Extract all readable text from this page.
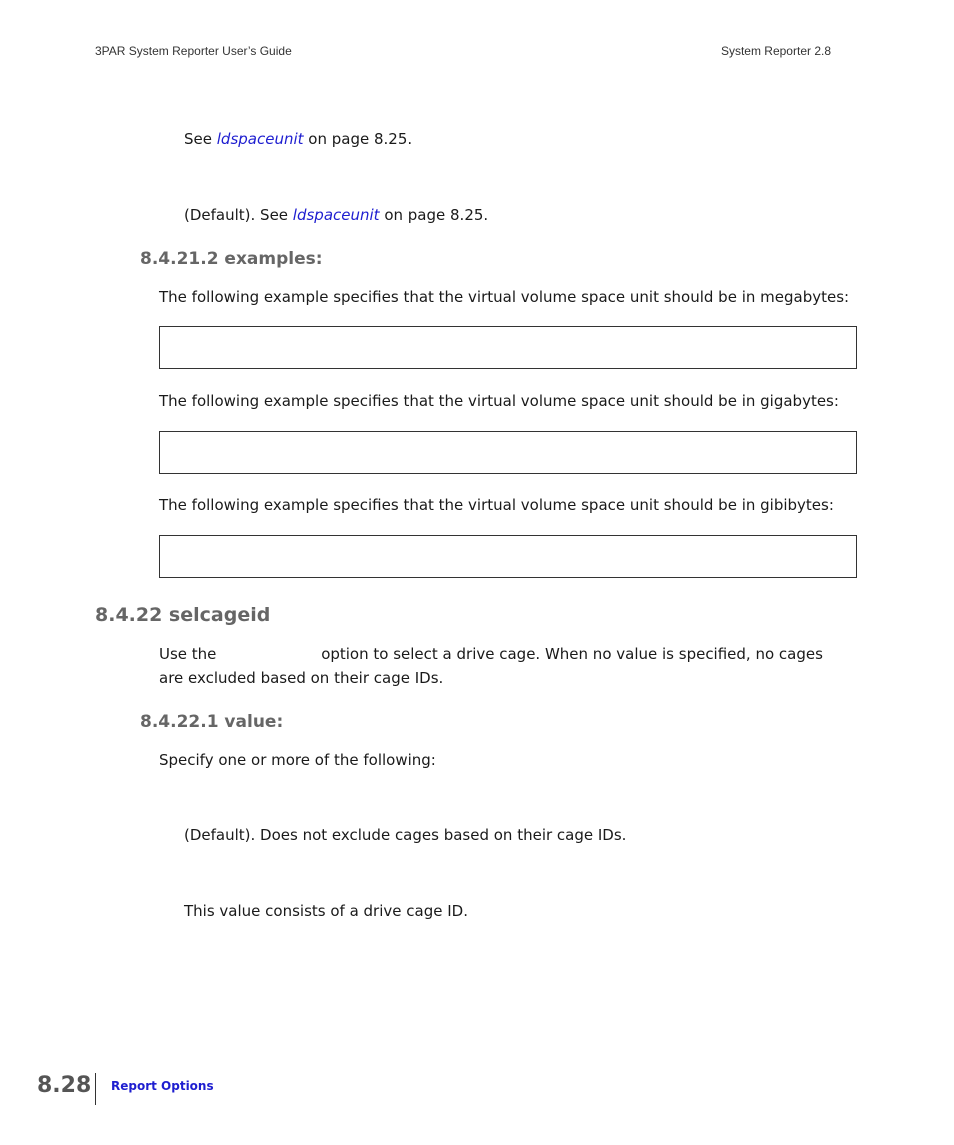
3PAR System Reporter User’s Guide	System Reporter 2.8
See ldspaceunit on page 8.25.
(Default). See ldspaceunit on page 8.25.
8.4.21.2 examples:
The following example specifies that the virtual volume space unit should be in megabytes:
The following example specifies that the virtual volume space unit should be in gigabytes:
The following example specifies that the virtual volume space unit should be in gibibytes:
8.4.22 selcageid
Use the	option to select a drive cage. When no value is specified, no cages are excluded based on their cage IDs.
8.4.22.1 value:
Specify one or more of the following:
(Default). Does not exclude cages based on their cage IDs.
This value consists of a drive cage ID.
8.28 Report Options
